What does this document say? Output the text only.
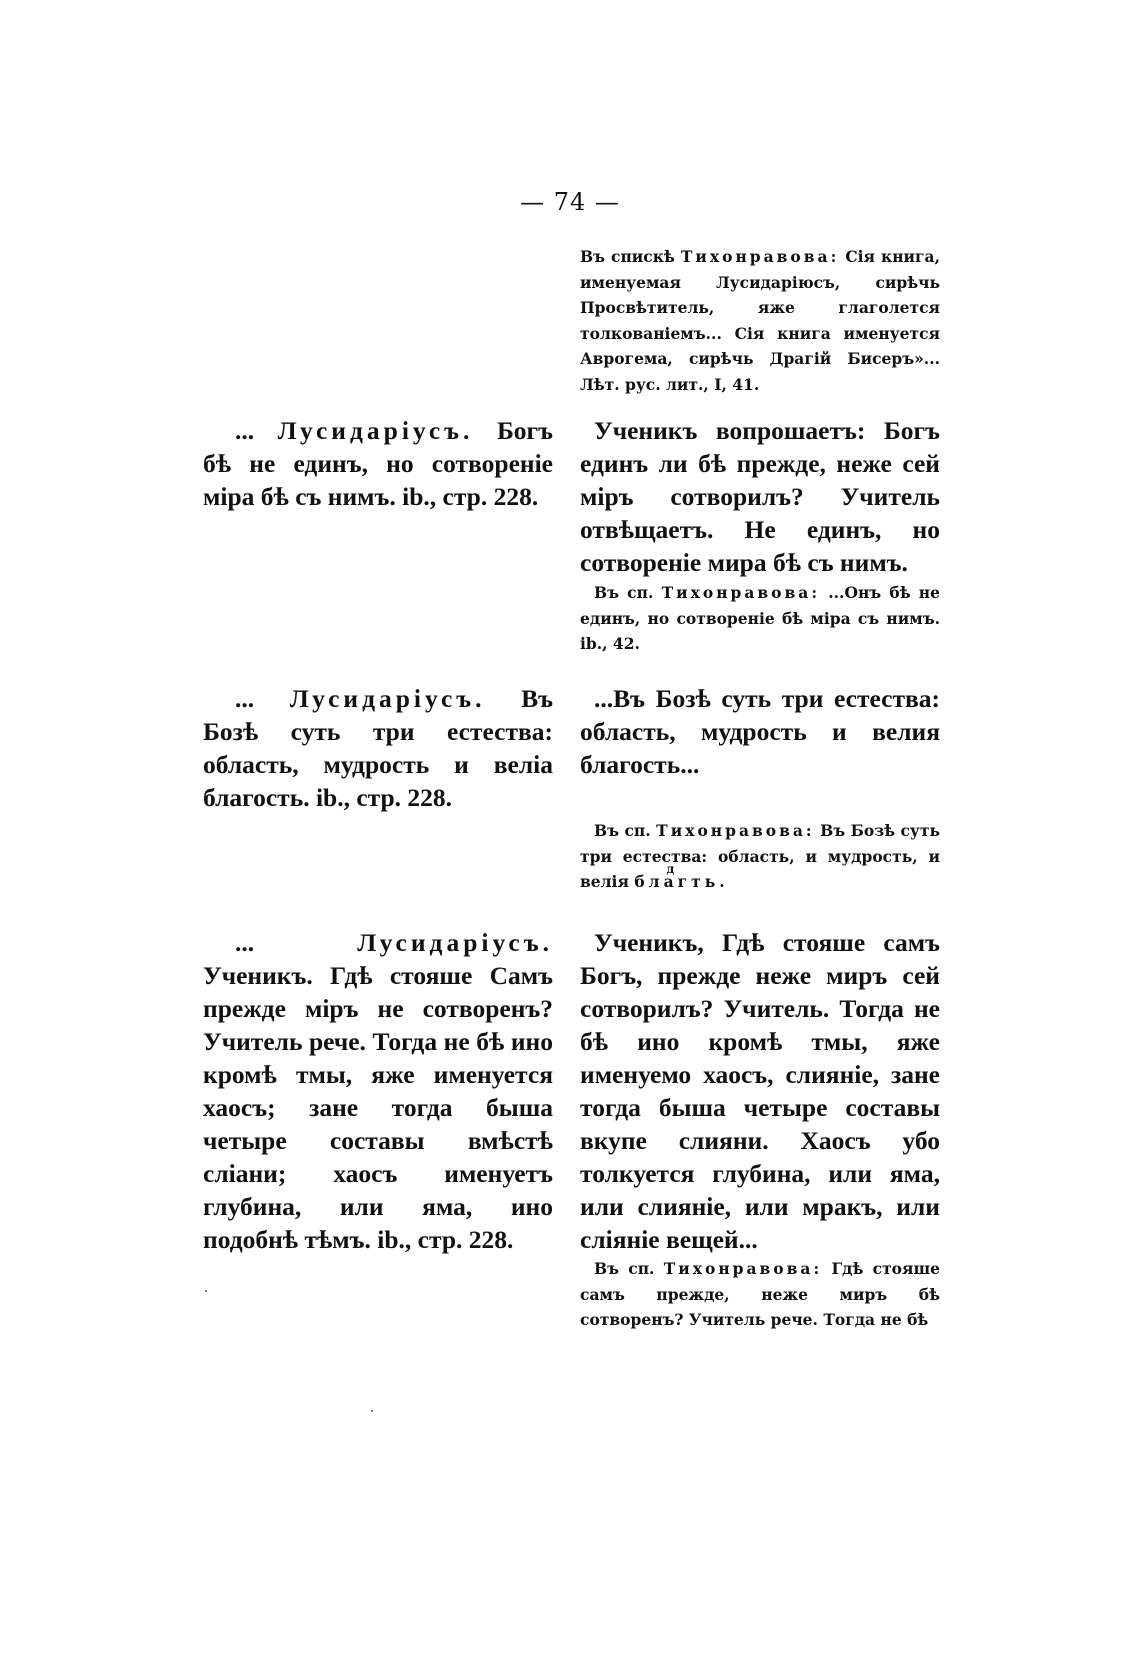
— 74 —
Въ спискѣ Тихонравова: Сія книга, именуемая Лусидаріюсъ, сирѣчь Просвѣтитель, яже глаголется толкованіемъ... Сія книга именуется Аврогема, сирѣчь Драгій Бисеръ»... Лѣт. рус. лит., I, 41.
... Лусидаріусъ. Богъ бѣ не единъ, но сотвореніе міра бѣ съ нимъ. ib., стр. 228.
Ученикъ вопрошаетъ: Богъ единъ ли бѣ прежде, неже сей міръ сотворилъ? Учитель отвѣщаетъ. Не единъ, но сотвореніе мира бѣ съ нимъ.
Въ сп. Тихонравова: ...Онъ бѣ не единъ, но сотвореніе бѣ міра съ нимъ. ib., 42.
... Лусидаріусъ. Въ Бозѣ суть три естества: область, мудрость и веліа благость. ib., стр. 228.
...Въ Бозѣ суть три естества: область, мудрость и велия благость...
Въ сп. Тихонравова: Въ Бозѣ суть три естества: область, и мудрость, и велія
д
благть.
... Лусидаріусъ. Ученикъ. Гдѣ стояше Самъ прежде міръ не сотворенъ? Учитель рече. Тогда не бѣ ино кромѣ тмы, яже именуется хаосъ; зане тогда быша четыре составы вмѣстѣ сліани; хаосъ именуетъ глубина, или яма, ино подобнѣ тѣмъ. ib., стр. 228.
Ученикъ, Гдѣ стояше самъ Богъ, прежде неже миръ сей сотворилъ? Учитель. Тогда не бѣ ино кромѣ тмы, яже именуемо хаосъ, слияніе, зане тогда быша четыре составы вкупе слияни. Хаосъ убо толкуется глубина, или яма, или слияніе, или мракъ, или сліяніе вещей...
Въ сп. Тихонравова: Гдѣ стояше самъ прежде, неже миръ бѣ сотворенъ? Учитель рече. Тогда не бѣ
